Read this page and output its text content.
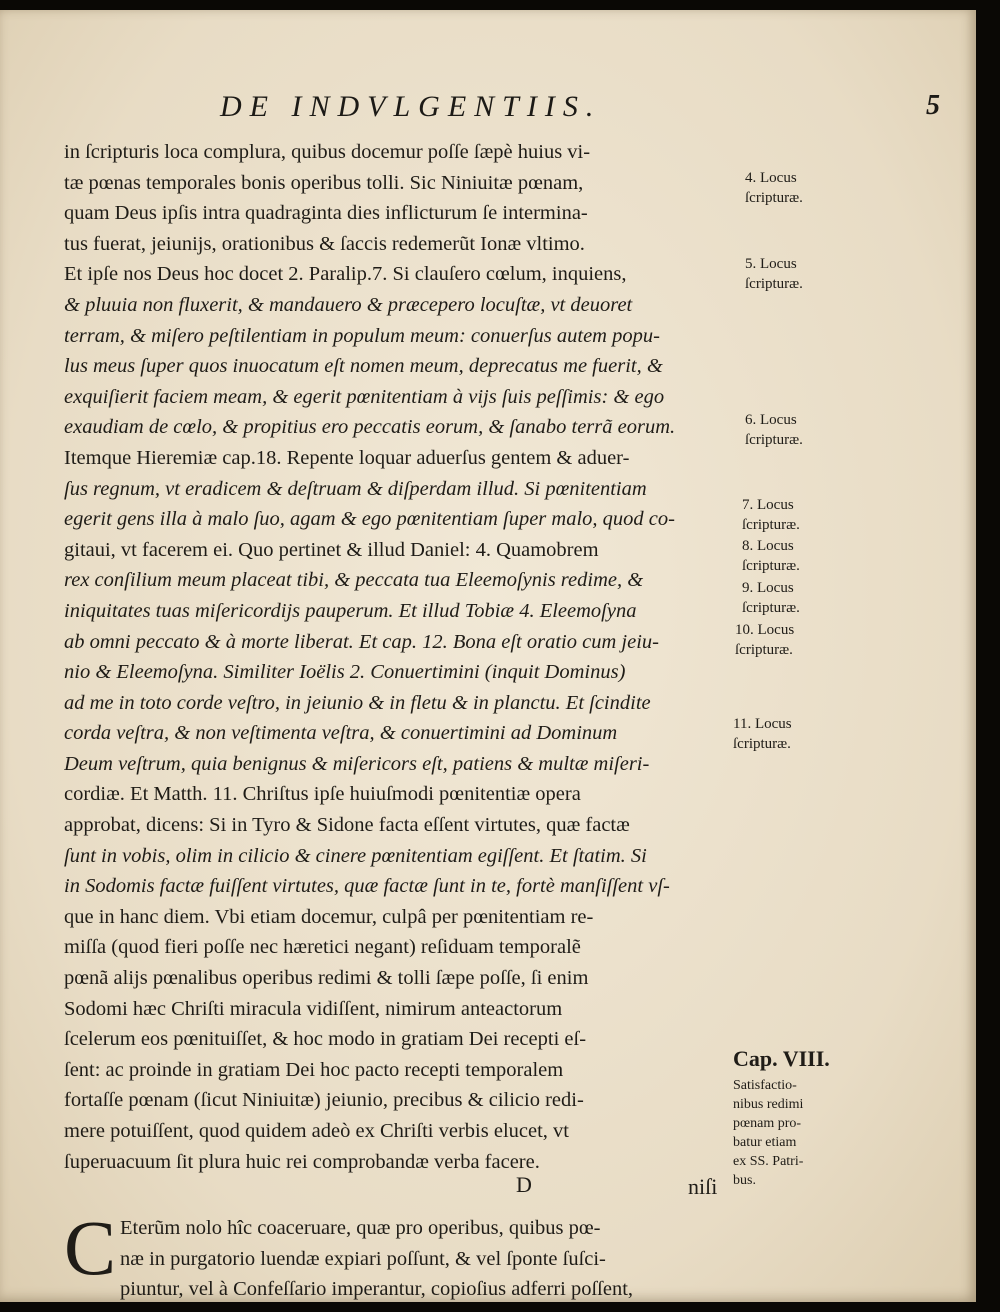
DE INDVLGENTIIS.	5
in ſcripturis loca complura, quibus docemur poſſe ſæpè huius vi-
tæ pœnas temporales bonis operibus tolli. Sic Niniuitæ pœnam,
quam Deus ipſis intra quadraginta dies inflicturum ſe intermina-
tus fuerat, jeiunijs, orationibus & ſaccis redemerũt Ionæ vltimo.
Et ipſe nos Deus hoc docet 2. Paralip.7. Si clauſero cœlum, inquiens,
& pluuia non fluxerit, & mandauero & præcepero locuſtæ, vt deuoret
terram, & miſero peſtilentiam in populum meum: conuerſus autem popu-
lus meus ſuper quos inuocatum eſt nomen meum, deprecatus me fuerit, &
exquiſierit faciem meam, & egerit pœnitentiam à vijs ſuis peſſimis: & ego
exaudiam de cœlo, & propitius ero peccatis eorum, & ſanabo terrã eorum.
Itemque Hieremiæ cap.18. Repente loquar aduerſus gentem & aduer-
ſus regnum, vt eradicem & deſtruam & diſperdam illud. Si pœnitentiam
egerit gens illa à malo ſuo, agam & ego pœnitentiam ſuper malo, quod co-
gitaui, vt facerem ei. Quo pertinet & illud Daniel: 4. Quamobrem
rex conſilium meum placeat tibi, & peccata tua Eleemoſynis redime, &
iniquitates tuas miſericordijs pauperum. Et illud Tobiæ 4. Eleemoſyna
ab omni peccato & à morte liberat. Et cap. 12. Bona eſt oratio cum jeiu-
nio & Eleemoſyna. Similiter Ioëlis 2. Conuertimini (inquit Dominus)
ad me in toto corde veſtro, in jeiunio & in fletu & in planctu. Et ſcindite
corda veſtra, & non veſtimenta veſtra, & conuertimini ad Dominum
Deum veſtrum, quia benignus & miſericors eſt, patiens & multæ miſeri-
cordiæ. Et Matth. 11. Chriſtus ipſe huiuſmodi pœnitentiæ opera
approbat, dicens: Si in Tyro & Sidone facta eſſent virtutes, quæ factæ
ſunt in vobis, olim in cilicio & cinere pœnitentiam egiſſent. Et ſtatim. Si
in Sodomis factæ fuiſſent virtutes, quæ factæ ſunt in te, fortè manſiſſent vſ-
que in hanc diem. Vbi etiam docemur, culpâ per pœnitentiam re-
miſſa (quod fieri poſſe nec hæretici negant) reſiduam temporalẽ
pœnã alijs pœnalibus operibus redimi & tolli ſæpe poſſe, ſi enim
Sodomi hæc Chriſti miracula vidiſſent, nimirum anteactorum
ſcelerum eos pœnituiſſet, & hoc modo in gratiam Dei recepti eſ-
ſent: ac proinde in gratiam Dei hoc pacto recepti temporalem
fortaſſe pœnam (ſicut Niniuitæ) jeiunio, precibus & cilicio redi-
mere potuiſſent, quod quidem adeò ex Chriſti verbis elucet, vt
ſuperuacuum ſit plura huic rei comprobandæ verba facere.
C Eterũm nolo hîc coaceruare, quæ pro operibus, quibus pœ-
næ in purgatorio luendæ expiari poſſunt, & vel ſponte ſuſci-
piuntur, vel à Confeſſario imperantur, copioſius adferri poſſent,
D	niſi
4. Locus
ſcripturæ.
5. Locus
ſcripturæ.
6. Locus
ſcripturæ.
7. Locus
ſcripturæ.
8. Locus
ſcripturæ.
9. Locus
ſcripturæ.
10. Locus
ſcripturæ.
11. Locus
ſcripturæ.
Cap. VIII.
Satisfactio-
nibus redimi
pœnam pro-
batur etiam
ex SS. Patri-
bus.
